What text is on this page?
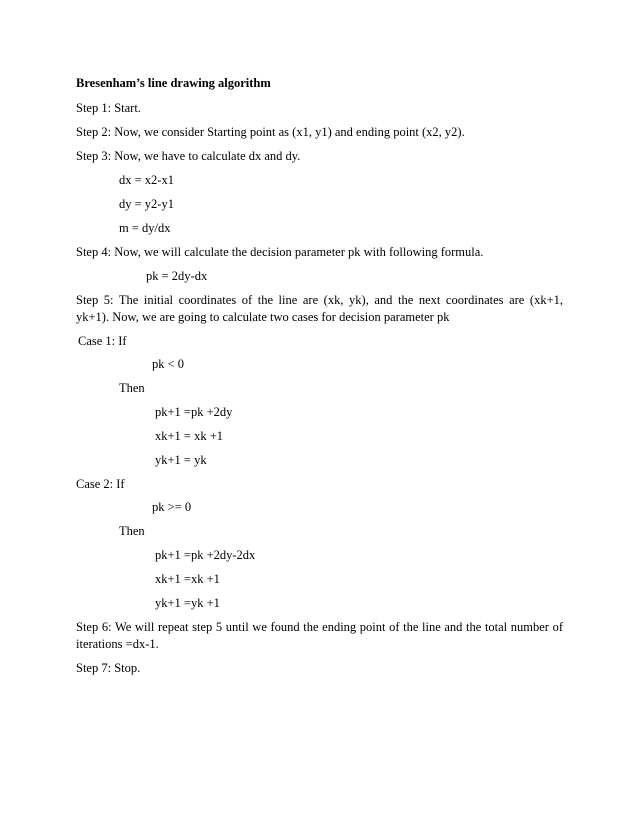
Bresenham’s line drawing algorithm
Step 1: Start.
Step 2: Now, we consider Starting point as (x1, y1) and ending point (x2, y2).
Step 3: Now, we have to calculate dx and dy.
dx = x2-x1
dy = y2-y1
m = dy/dx
Step 4: Now, we will calculate the decision parameter pk with following formula.
pk = 2dy-dx
Step 5: The initial coordinates of the line are (xk, yk), and the next coordinates are (xk+1,
yk+1). Now, we are going to calculate two cases for decision parameter pk
Case 1: If
pk < 0
Then
pk+1 =pk +2dy
xk+1 = xk +1
yk+1 = yk
Case 2: If
pk >= 0
Then
pk+1 =pk +2dy-2dx
xk+1 =xk +1
yk+1 =yk +1
Step 6: We will repeat step 5 until we found the ending point of the line and the total number of
iterations =dx-1.
Step 7: Stop.
